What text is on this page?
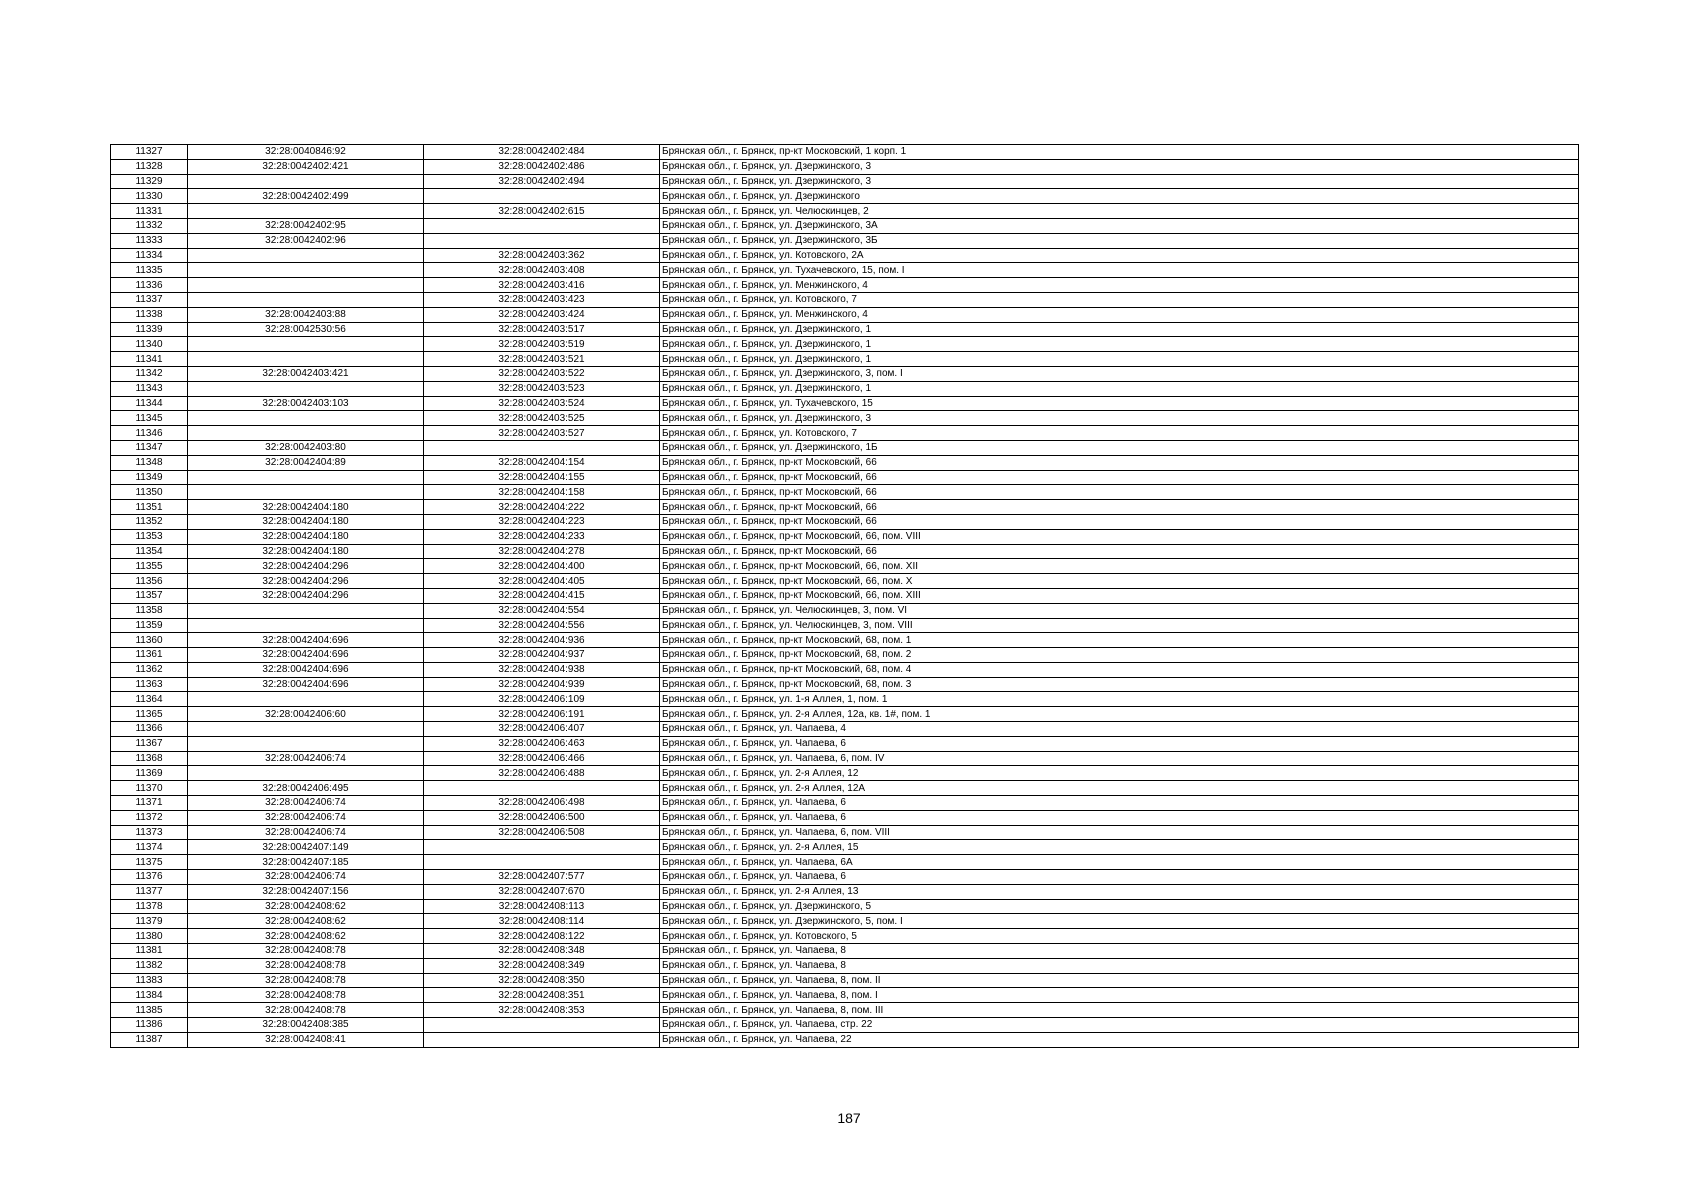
11327	32:28:0040846:92	32:28:0042402:484	Брянская обл., г. Брянск, пр-кт Московский, 1 корп. 1
11328	32:28:0042402:421	32:28:0042402:486	Брянская обл., г. Брянск, ул. Дзержинского, 3
11329		32:28:0042402:494	Брянская обл., г. Брянск, ул. Дзержинского, 3
11330	32:28:0042402:499		Брянская обл., г. Брянск, ул. Дзержинского
11331		32:28:0042402:615	Брянская обл., г. Брянск, ул. Челюскинцев, 2
11332	32:28:0042402:95		Брянская обл., г. Брянск, ул. Дзержинского, 3А
11333	32:28:0042402:96		Брянская обл., г. Брянск, ул. Дзержинского, 3Б
11334		32:28:0042403:362	Брянская обл., г. Брянск, ул. Котовского, 2А
11335		32:28:0042403:408	Брянская обл., г. Брянск, ул. Тухачевского, 15, пом. I
11336		32:28:0042403:416	Брянская обл., г. Брянск, ул. Менжинского, 4
11337		32:28:0042403:423	Брянская обл., г. Брянск, ул. Котовского, 7
11338	32:28:0042403:88	32:28:0042403:424	Брянская обл., г. Брянск, ул. Менжинского, 4
11339	32:28:0042530:56	32:28:0042403:517	Брянская обл., г. Брянск, ул. Дзержинского, 1
11340		32:28:0042403:519	Брянская обл., г. Брянск, ул. Дзержинского, 1
11341		32:28:0042403:521	Брянская обл., г. Брянск, ул. Дзержинского, 1
11342	32:28:0042403:421	32:28:0042403:522	Брянская обл., г. Брянск, ул. Дзержинского, 3, пом. I
11343		32:28:0042403:523	Брянская обл., г. Брянск, ул. Дзержинского, 1
11344	32:28:0042403:103	32:28:0042403:524	Брянская обл., г. Брянск, ул. Тухачевского, 15
11345		32:28:0042403:525	Брянская обл., г. Брянск, ул. Дзержинского, 3
11346		32:28:0042403:527	Брянская обл., г. Брянск, ул. Котовского, 7
11347	32:28:0042403:80		Брянская обл., г. Брянск, ул. Дзержинского, 1Б
11348	32:28:0042404:89	32:28:0042404:154	Брянская обл., г. Брянск, пр-кт Московский, 66
11349		32:28:0042404:155	Брянская обл., г. Брянск, пр-кт Московский, 66
11350		32:28:0042404:158	Брянская обл., г. Брянск, пр-кт Московский, 66
11351	32:28:0042404:180	32:28:0042404:222	Брянская обл., г. Брянск, пр-кт Московский, 66
11352	32:28:0042404:180	32:28:0042404:223	Брянская обл., г. Брянск, пр-кт Московский, 66
11353	32:28:0042404:180	32:28:0042404:233	Брянская обл., г. Брянск, пр-кт Московский, 66, пом. VIII
11354	32:28:0042404:180	32:28:0042404:278	Брянская обл., г. Брянск, пр-кт Московский, 66
11355	32:28:0042404:296	32:28:0042404:400	Брянская обл., г. Брянск, пр-кт Московский, 66, пом. XII
11356	32:28:0042404:296	32:28:0042404:405	Брянская обл., г. Брянск, пр-кт Московский, 66, пом. X
11357	32:28:0042404:296	32:28:0042404:415	Брянская обл., г. Брянск, пр-кт Московский, 66, пом. XIII
11358		32:28:0042404:554	Брянская обл., г. Брянск, ул. Челюскинцев, 3, пом. VI
11359		32:28:0042404:556	Брянская обл., г. Брянск, ул. Челюскинцев, 3, пом. VIII
11360	32:28:0042404:696	32:28:0042404:936	Брянская обл., г. Брянск, пр-кт Московский, 68, пом. 1
11361	32:28:0042404:696	32:28:0042404:937	Брянская обл., г. Брянск, пр-кт Московский, 68, пом. 2
11362	32:28:0042404:696	32:28:0042404:938	Брянская обл., г. Брянск, пр-кт Московский, 68, пом. 4
11363	32:28:0042404:696	32:28:0042404:939	Брянская обл., г. Брянск, пр-кт Московский, 68, пом. 3
11364		32:28:0042406:109	Брянская обл., г. Брянск, ул. 1-я Аллея, 1, пом. 1
11365	32:28:0042406:60	32:28:0042406:191	Брянская обл., г. Брянск, ул. 2-я Аллея, 12а, кв. 1#, пом. 1
11366		32:28:0042406:407	Брянская обл., г. Брянск, ул. Чапаева, 4
11367		32:28:0042406:463	Брянская обл., г. Брянск, ул. Чапаева, 6
11368	32:28:0042406:74	32:28:0042406:466	Брянская обл., г. Брянск, ул. Чапаева, 6, пом. IV
11369		32:28:0042406:488	Брянская обл., г. Брянск, ул. 2-я Аллея, 12
11370	32:28:0042406:495		Брянская обл., г. Брянск, ул. 2-я Аллея, 12А
11371	32:28:0042406:74	32:28:0042406:498	Брянская обл., г. Брянск, ул. Чапаева, 6
11372	32:28:0042406:74	32:28:0042406:500	Брянская обл., г. Брянск, ул. Чапаева, 6
11373	32:28:0042406:74	32:28:0042406:508	Брянская обл., г. Брянск, ул. Чапаева, 6, пом. VIII
11374	32:28:0042407:149		Брянская обл., г. Брянск, ул. 2-я Аллея, 15
11375	32:28:0042407:185		Брянская обл., г. Брянск, ул. Чапаева, 6А
11376	32:28:0042406:74	32:28:0042407:577	Брянская обл., г. Брянск, ул. Чапаева, 6
11377	32:28:0042407:156	32:28:0042407:670	Брянская обл., г. Брянск, ул. 2-я Аллея, 13
11378	32:28:0042408:62	32:28:0042408:113	Брянская обл., г. Брянск, ул. Дзержинского, 5
11379	32:28:0042408:62	32:28:0042408:114	Брянская обл., г. Брянск, ул. Дзержинского, 5, пом. I
11380	32:28:0042408:62	32:28:0042408:122	Брянская обл., г. Брянск, ул. Котовского, 5
11381	32:28:0042408:78	32:28:0042408:348	Брянская обл., г. Брянск, ул. Чапаева, 8
11382	32:28:0042408:78	32:28:0042408:349	Брянская обл., г. Брянск, ул. Чапаева, 8
11383	32:28:0042408:78	32:28:0042408:350	Брянская обл., г. Брянск, ул. Чапаева, 8, пом. II
11384	32:28:0042408:78	32:28:0042408:351	Брянская обл., г. Брянск, ул. Чапаева, 8, пом. I
11385	32:28:0042408:78	32:28:0042408:353	Брянская обл., г. Брянск, ул. Чапаева, 8, пом. III
11386	32:28:0042408:385		Брянская обл., г. Брянск, ул. Чапаева, стр. 22
11387	32:28:0042408:41		Брянская обл., г. Брянск, ул. Чапаева, 22
187
